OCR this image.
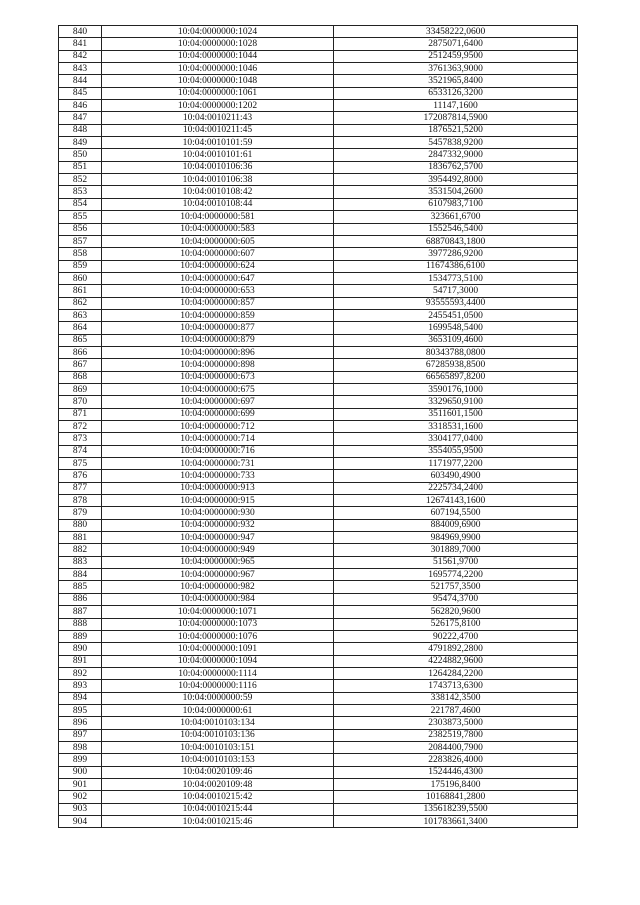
840	10:04:0000000:1024	33458222,0600
841	10:04:0000000:1028	2875071,6400
842	10:04:0000000:1044	2512459,9500
843	10:04:0000000:1046	3761363,9000
844	10:04:0000000:1048	3521965,8400
845	10:04:0000000:1061	6533126,3200
846	10:04:0000000:1202	11147,1600
847	10:04:0010211:43	172087814,5900
848	10:04:0010211:45	1876521,5200
849	10:04:0010101:59	5457838,9200
850	10:04:0010101:61	2847332,9000
851	10:04:0010106:36	1836762,5700
852	10:04:0010106:38	3954492,8000
853	10:04:0010108:42	3531504,2600
854	10:04:0010108:44	6107983,7100
855	10:04:0000000:581	323661,6700
856	10:04:0000000:583	1552546,5400
857	10:04:0000000:605	68870843,1800
858	10:04:0000000:607	3977286,9200
859	10:04:0000000:624	11674386,6100
860	10:04:0000000:647	1534773,5100
861	10:04:0000000:653	54717,3000
862	10:04:0000000:857	93555593,4400
863	10:04:0000000:859	2455451,0500
864	10:04:0000000:877	1699548,5400
865	10:04:0000000:879	3653109,4600
866	10:04:0000000:896	80343788,0800
867	10:04:0000000:898	67285938,8500
868	10:04:0000000:673	66565897,8200
869	10:04:0000000:675	3590176,1000
870	10:04:0000000:697	3329650,9100
871	10:04:0000000:699	3511601,1500
872	10:04:0000000:712	3318531,1600
873	10:04:0000000:714	3304177,0400
874	10:04:0000000:716	3554055,9500
875	10:04:0000000:731	1171977,2200
876	10:04:0000000:733	603490,4900
877	10:04:0000000:913	2225734,2400
878	10:04:0000000:915	12674143,1600
879	10:04:0000000:930	607194,5500
880	10:04:0000000:932	884009,6900
881	10:04:0000000:947	984969,9900
882	10:04:0000000:949	301889,7000
883	10:04:0000000:965	51561,9700
884	10:04:0000000:967	1695774,2200
885	10:04:0000000:982	521757,3500
886	10:04:0000000:984	95474,3700
887	10:04:0000000:1071	562820,9600
888	10:04:0000000:1073	526175,8100
889	10:04:0000000:1076	90222,4700
890	10:04:0000000:1091	4791892,2800
891	10:04:0000000:1094	4224882,9600
892	10:04:0000000:1114	1264284,2200
893	10:04:0000000:1116	1743713,6300
894	10:04:0000000:59	338142,3500
895	10:04:0000000:61	221787,4600
896	10:04:0010103:134	2303873,5000
897	10:04:0010103:136	2382519,7800
898	10:04:0010103:151	2084400,7900
899	10:04:0010103:153	2283826,4000
900	10:04:0020109:46	1524446,4300
901	10:04:0020109:48	175196,8400
902	10:04:0010215:42	10168841,2800
903	10:04:0010215:44	135618239,5500
904	10:04:0010215:46	101783661,3400
